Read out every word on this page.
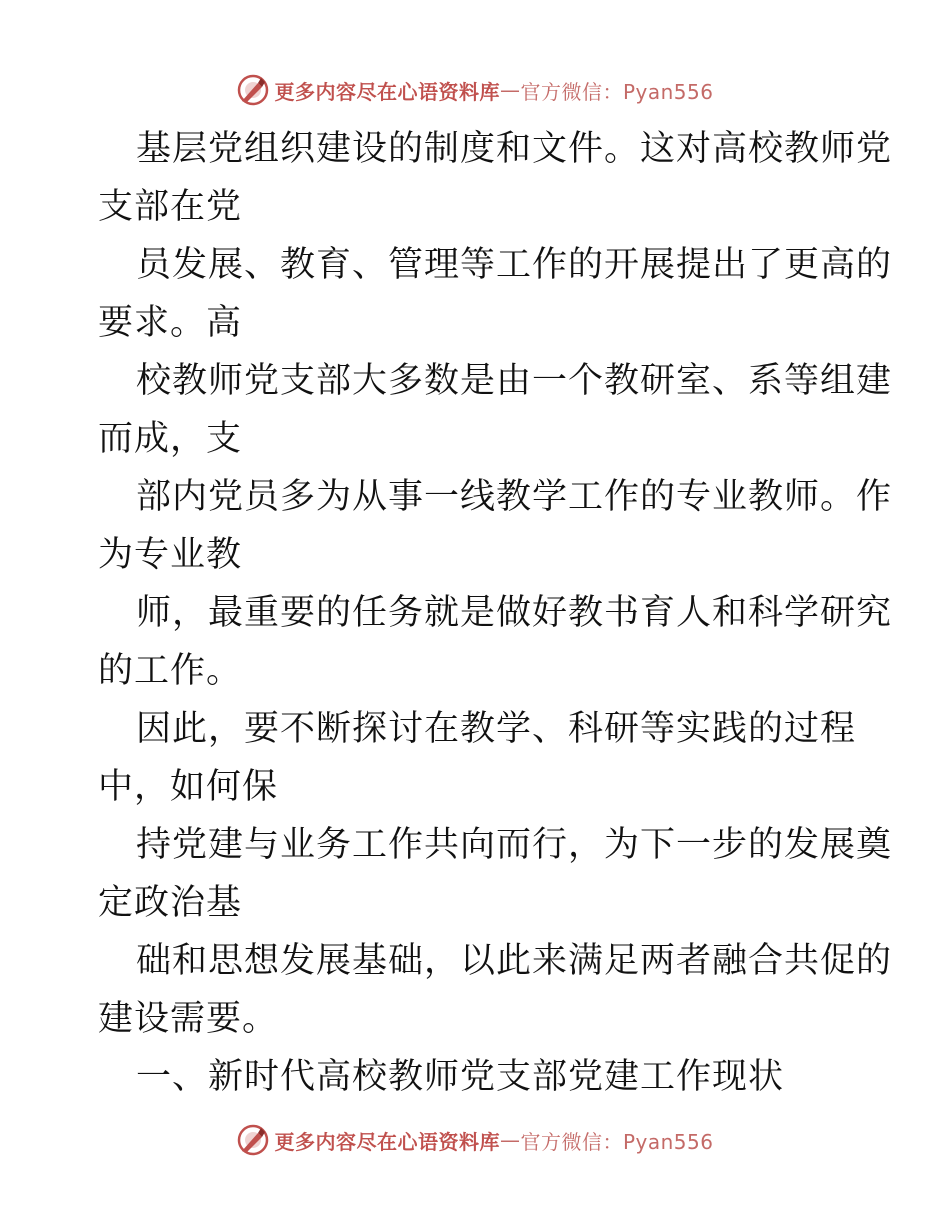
更多内容尽在心语资料库 — 官方微信：Pyan556
基层党组织建设的制度和文件。这对高校教师党
支部在党
员发展、教育、管理等工作的开展提出了更高的
要求。高
校教师党支部大多数是由一个教研室、系等组建
而成，支
部内党员多为从事一线教学工作的专业教师。作
为专业教
师，最重要的任务就是做好教书育人和科学研究
的工作。
因此，要不断探讨在教学、科研等实践的过程
中，如何保
持党建与业务工作共向而行，为下一步的发展奠
定政治基
础和思想发展基础，以此来满足两者融合共促的
建设需要。
一、新时代高校教师党支部党建工作现状
更多内容尽在心语资料库 — 官方微信：Pyan556
